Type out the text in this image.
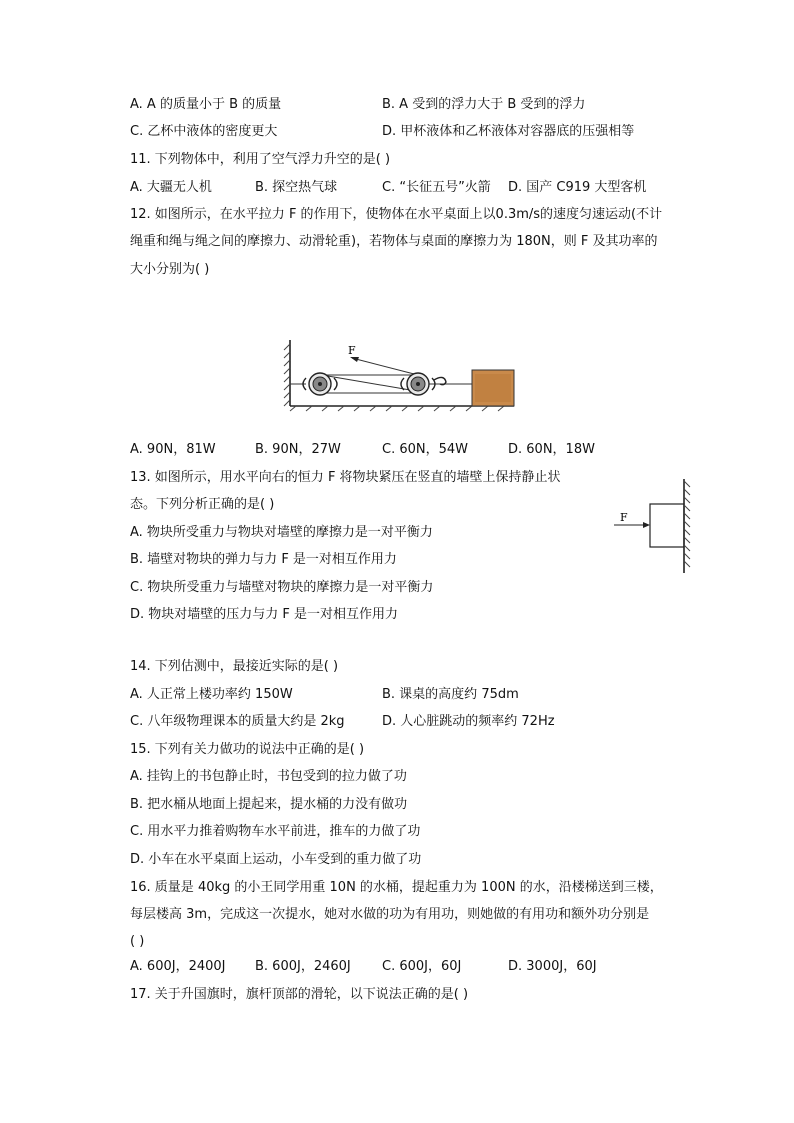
A. A 的质量小于 B 的质量	B. A 受到的浮力大于 B 受到的浮力
C. 乙杯中液体的密度更大	D. 甲杯液体和乙杯液体对容器底的压强相等
11. 下列物体中，利用了空气浮力升空的是( )
A. 大疆无人机	B. 探空热气球	C. “长征五号”火箭 D. 国产 C919 大型客机
12. 如图所示，在水平拉力 F 的作用下，使物体在水平桌面上以0.3m/s的速度匀速运动(不计
绳重和绳与绳之间的摩擦力、动滑轮重)，若物体与桌面的摩擦力为 180N，则 F 及其功率的
大小分别为( )
F
A. 90N，81W	B. 90N，27W	C. 60N，54W	D. 60N，18W
13. 如图所示，用水平向右的恒力 F 将物块紧压在竖直的墙壁上保持静止状
态。下列分析正确的是( )
A. 物块所受重力与物块对墙壁的摩擦力是一对平衡力
B. 墙壁对物块的弹力与力 F 是一对相互作用力
C. 物块所受重力与墙壁对物块的摩擦力是一对平衡力
D. 物块对墙壁的压力与力 F 是一对相互作用力
F
14. 下列估测中，最接近实际的是( )
A. 人正常上楼功率约 150W	B. 课桌的高度约 75dm
C. 八年级物理课本的质量大约是 2kg	D. 人心脏跳动的频率约 72Hz
15. 下列有关力做功的说法中正确的是( )
A. 挂钩上的书包静止时，书包受到的拉力做了功
B. 把水桶从地面上提起来，提水桶的力没有做功
C. 用水平力推着购物车水平前进，推车的力做了功
D. 小车在水平桌面上运动，小车受到的重力做了功
16. 质量是 40kg 的小王同学用重 10N 的水桶，提起重力为 100N 的水，沿楼梯送到三楼，
每层楼高 3m，完成这一次提水，她对水做的功为有用功，则她做的有用功和额外功分别是
( )
A. 600J，2400J B. 600J，2460J C. 600J，60J	D. 3000J，60J
17. 关于升国旗时，旗杆顶部的滑轮，以下说法正确的是( )
